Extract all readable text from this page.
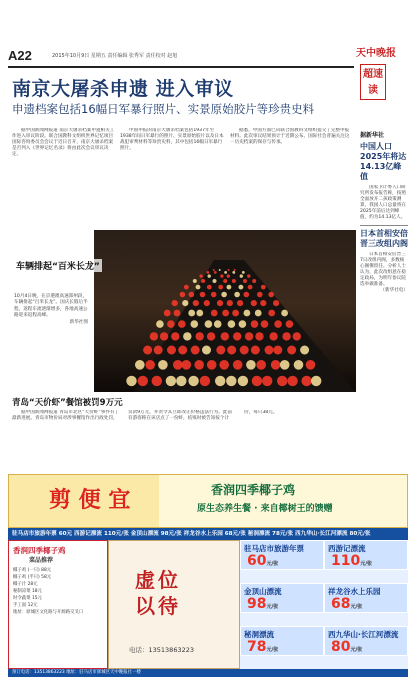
A22	2015年10月9日 星期五 责任编辑 张秀军 责任校对 赵旭	天中晚报
超速读
南京大屠杀申遗 进入审议
申遗档案包括16幅日军暴行照片、实景原始胶片等珍贵史料

据中国新闻网报道 南京大屠杀档案申遗相关工作进入审议阶段。联合国教科文组织世界记忆项目国际咨询委员会会议于近日召开，南京大屠杀档案是否列入《世界记忆名录》将由此次会议审议决定。

中国申报的南京大屠杀档案包括1937年至1938年间日军暴行的照片、实景原始胶片以及日本战犯审判材料等珍贵史料，其中包括16幅日军暴行照片。

据悉，中国方面已向联合国教科文组织提交了完整申报材料。此次审议结果预计于近期公布。国际社会普遍关注这一历史档案的保存与传承。

多地高速公路国庆假期
车辆排起“百米长龙”
10月4日晚，在京港澳高速郑州段，车辆排起“百米长龙”。国庆长假后半程，返程车流逐渐增多，各地高速公路迎来返程高峰。
新华社图
青岛“天价虾”餐馆被罚9万元

据中国新闻网报道 青岛市北区“天价虾”事件有了最新进展。青岛市物价局对涉事餐馆作出行政处罚，罚款9万元，并责令其立即改正价格违法行为。此前有游客称在该店点了一份虾，结账时被告知按个计价，每只38元。

据新华社
中国人口2025年将达14.13亿峰值

国家卫计委人口研究所发布报告称，按照全面放开二孩政策测算，我国人口总量将在2025年前后达到峰值，约为14.13亿人。

日本首相安倍晋三改组内阁

日本首相安倍晋三7日改组内阁，多数核心阁僚留任。分析人士认为，此次改组意在稳定政局，为明年参议院选举做准备。

（新华社电）
剪 便 宜	香润四季椰子鸡
原生态养生餐 · 来自椰树王的馈赠
驻马店市旅游年票 60元 西游记漂流 110元/张 金顶山漂流 98元/张 祥龙谷水上乐园 68元/张 秘洞漂流 78元/张 西九华山·长江河漂流 80元/张
香润四季椰子鸡
菜品推荐
椰子鸡 (一只) 88元
椰子鸡 (半只) 58元
椰子汁 28元
秘制凉菜 18元
时令蔬菜 15元
手工面 12元
地址：驿城区文化路与开源路交叉口
虚位
以待
电话：13513863223
驻马店市旅游年票
60元/张
西游记漂流
110元/张
金顶山漂流
98元/张
祥龙谷水上乐园
68元/张
秘洞漂流
78元/张
西九华山·长江河漂流
80元/张
预订电话：13513863223 地址：驻马店市驿城区天中晚报社一楼
